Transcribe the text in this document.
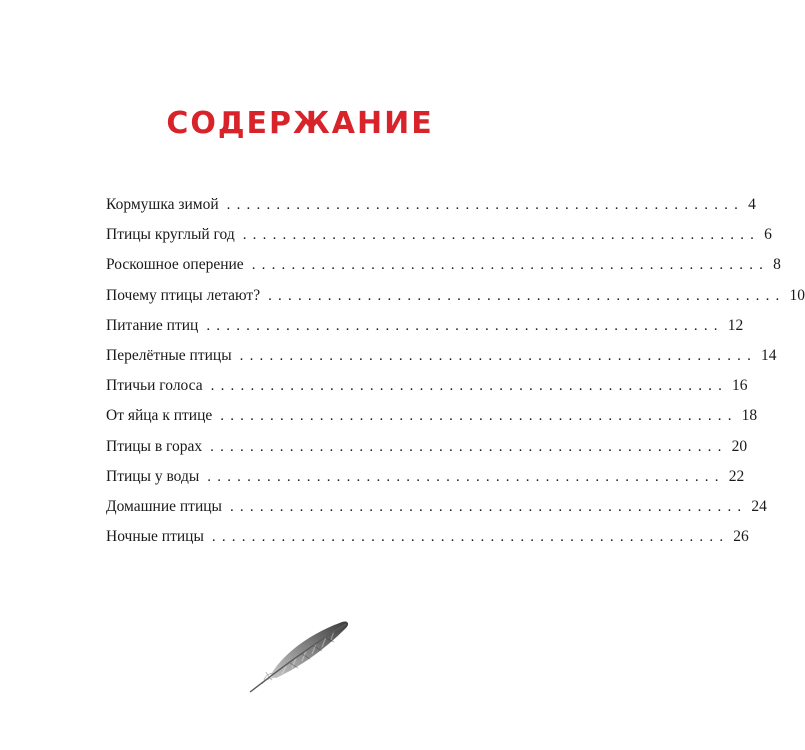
СОДЕРЖАНИЕ
Кормушка зимой .................................................... 4
Птицы круглый год .................................................... 6
Роскошное оперение .................................................... 8
Почему птицы летают? .................................................... 10
Питание птиц .................................................... 12
Перелётные птицы .................................................... 14
Птичьи голоса .................................................... 16
От яйца к птице .................................................... 18
Птицы в горах .................................................... 20
Птицы у воды .................................................... 22
Домашние птицы .................................................... 24
Ночные птицы .................................................... 26
